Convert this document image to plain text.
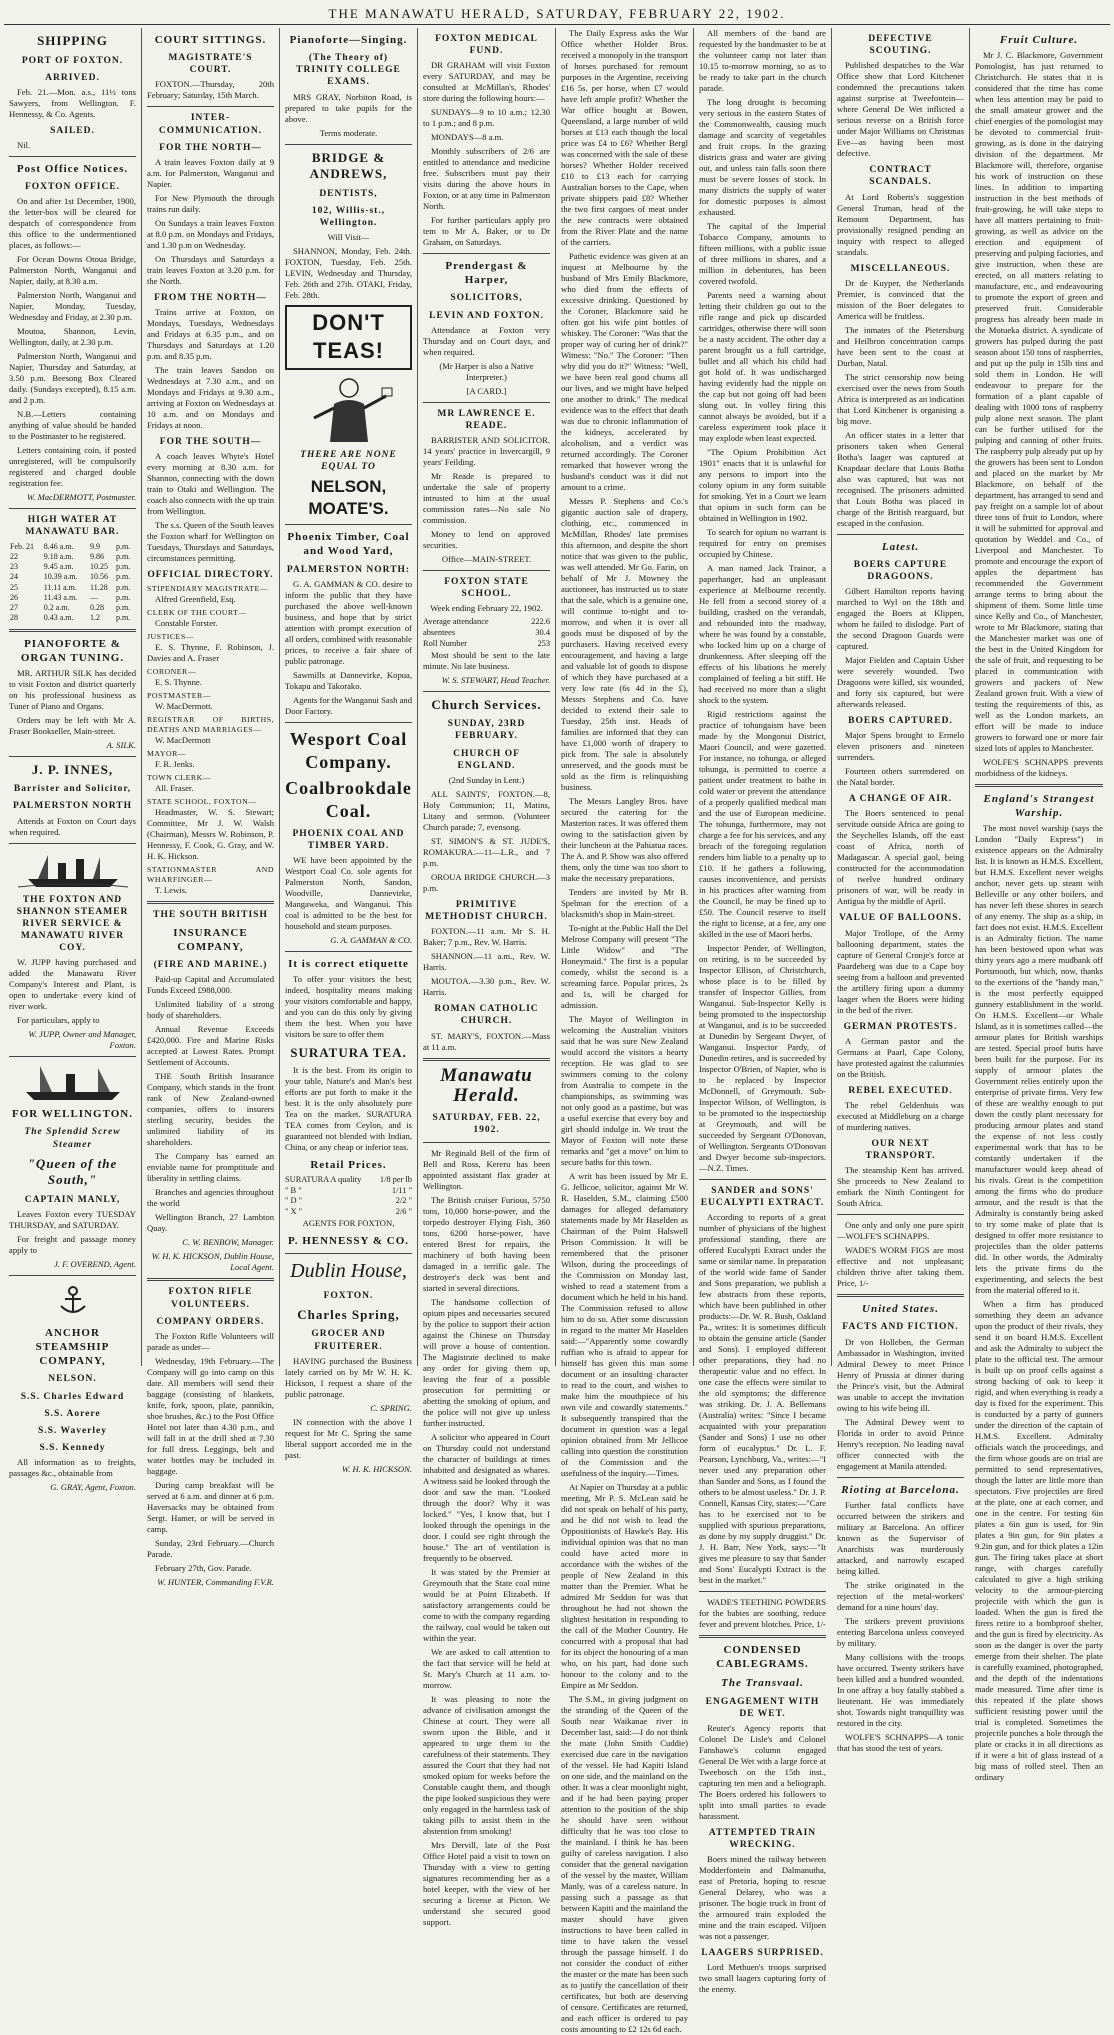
THE MANAWATU HERALD, SATURDAY, FEBRUARY 22, 1902.
SHIPPING
PORT OF FOXTON.
ARRIVED.

Feb. 21.—Mon. a.s., 11½ tons Sawyers, from Wellington. F. Hennessy, & Co. Agents.

SAILED.

Nil.

Post Office Notices.
FOXTON OFFICE.

On and after 1st December, 1900, the letter-box will be cleared for despatch of correspondence from this office to the undermentioned places, as follows:—

For Ocean Downs Otoua Bridge, Palmerston North, Wanganui and Napier, daily, at 8.30 a.m.

Palmerston North, Wanganui and Napier, Monday, Tuesday, Wednesday and Friday, at 2.30 p.m.

Moutoa, Shannon, Levin, Wellington, daily, at 2.30 p.m.

Palmerston North, Wanganui and Napier, Thursday and Saturday, at 3.50 p.m. Beesong Box Cleared daily. (Sundays excepted), 8.15 a.m. and 2 p.m.

N.B.—Letters containing anything of value should be handed to the Postmaster to be registered.

Letters containing coin, if posted unregistered, will be compulsorily registered and charged double registration fee.

W. MacDERMOTT, Postmaster.

HIGH WATER AT MANAWATU BAR.
Feb. 21	8.46 a.m.	9.9	p.m.
22	9.18 a.m.	9.86	p.m.
23	9.45 a.m.	10.25	p.m.
24	10.39 a.m.	10.56	p.m.
25	11.11 a.m.	11.28	p.m.
26	11.43 a.m.	—	p.m.
27	0.2 a.m.	0.28	p.m.
28	0.43 a.m.	1.2	p.m.
PIANOFORTE & ORGAN TUNING.

MR. ARTHUR SILK has decided to visit Foxton and district quarterly on his professional business as Tuner of Piano and Organs.

Orders may be left with Mr A. Fraser Bookseller, Main-street.

A. SILK.

J. P. INNES,
Barrister and Solicitor,
PALMERSTON NORTH

Attends at Foxton on Court days when required.

THE FOXTON AND SHANNON STEAMER RIVER SERVICE & MANAWATU RIVER COY.

W. JUPP having purchased and added the Manawatu River Company's Interest and Plant, is open to undertake every kind of river work.

For particulars, apply to

W. JUPP, Owner and Manager, Foxton.

FOR WELLINGTON.
The Splendid Screw Steamer
"Queen of the South,"
CAPTAIN MANLY,

Leaves Foxton every TUESDAY THURSDAY, and SATURDAY.

For freight and passage money apply to

J. F. OVEREND, Agent.

ANCHOR STEAMSHIP COMPANY,
NELSON.
S.S. Charles Edward
S.S. Aorere
S.S. Waverley
S.S. Kennedy

All information as to freights, passages &c., obtainable from

G. GRAY, Agent, Foxton.

COURT SITTINGS.
MAGISTRATE'S COURT.

FOXTON.—Thursday, 20th February; Saturday, 15th March.

INTER-COMMUNICATION.
FOR THE NORTH—

A train leaves Foxton daily at 9 a.m. for Palmerston, Wanganui and Napier.

For New Plymouth the through trains run daily.

On Sundays a train leaves Foxton at 8.0 p.m. on Mondays and Fridays, and 1.30 p.m on Wednesday.

On Thursdays and Saturdays a train leaves Foxton at 3.20 p.m. for the North.

FROM THE NORTH—

Trains arrive at Foxton, on Mondays, Tuesdays, Wednesdays and Fridays at 6.35 p.m., and on Thursdays and Saturdays at 1.20 p.m. and 8.35 p.m.

The train leaves Sandon on Wednesdays at 7.30 a.m., and on Mondays and Fridays at 9.30 a.m., arriving at Foxton on Wednesdays at 10 a.m. and on Mondays and Fridays at noon.

FOR THE SOUTH—

A coach leaves Whyte's Hotel every morning at 8.30 a.m. for Shannon, connecting with the down train to Otaki and Wellington. The coach also connects with the up train from Wellington.

The s.s. Queen of the South leaves the Foxton wharf for Wellington on Tuesdays, Thursdays and Saturdays, circumstances permitting.

OFFICIAL DIRECTORY.
STIPENDIARY MAGISTRATE—

Alfred Greenfield, Esq.

CLERK OF THE COURT—

Constable Forster.

JUSTICES—

E. S. Thynne, F. Robinson, J. Davies and A. Fraser

CORONER—

E. S. Thynne.

POSTMASTER—

W. MacDermott.

REGISTRAR OF BIRTHS, DEATHS AND MARRIAGES—

W. MacDermott

MAYOR—

F. R. Jenks.

TOWN CLERK—

All. Fraser.

STATE SCHOOL, FOXTON—

Headmaster, W. S. Stewart; Committee, Mr J. W. Walsh (Chairman), Messrs W. Robinson, P. Hennessy, F. Cook, G. Gray, and W. H. K. Hickson.

STATIONMASTER AND WHARFINGER—

T. Lewis.

THE SOUTH BRITISH
INSURANCE COMPANY,
(FIRE AND MARINE.)

Paid-up Capital and Accumulated Funds Exceed £988,000.

Unlimited liability of a strong body of shareholders.

Annual Revenue Exceeds £420,000. Fire and Marine Risks accepted at Lowest Rates. Prompt Settlement of Accounts.

THE South British Insurance Company, which stands in the front rank of New Zealand-owned companies, offers to insurers sterling security, besides the unlimited liability of its shareholders.

The Company has earned an enviable name for promptitude and liberality in settling claims.

Branches and agencies throughout the world

Wellington Branch, 27 Lambton Quay.

C. W. BENBOW, Manager.

W. H. K. HICKSON, Dublin House, Local Agent.

FOXTON RIFLE VOLUNTEERS.
COMPANY ORDERS.

The Foxton Rifle Volunteers will parade as under—

Wednesday, 19th February.—The Company will go into camp on this date. All members will send their baggage (consisting of blankets, knife, fork, spoon, plate, pannikin, shoe brushes, &c.) to the Post Office Hotel not later than 4.30 p.m., and will fall in at the drill shed at 7.30 for full dress. Leggings, belt and water bottles may be included in baggage.

During camp breakfast will be served at 6 a.m. and dinner at 6 p.m. Haversacks may be obtained from Sergt. Hamer, or will be served in camp.

Sunday, 23rd February.—Church Parade.

February 27th, Gov. Parade.

W. HUNTER, Commanding F.V.R.

Pianoforte—Singing.
(The Theory of) TRINITY COLLEGE EXAMS.

MRS GRAY, Norbiton Road, is prepared to take pupils for the above.

Terms moderate.

BRIDGE & ANDREWS,
DENTISTS,
102, Willis-st., Wellington.

Will Visit—

SHANNON, Monday, Feb. 24th. FOXTON, Tuesday, Feb. 25th. LEVIN, Wednesday and Thursday, Feb. 26th and 27th. OTAKI, Friday, Feb. 28th.

DON'T TEAS!
THERE ARE NONE EQUAL TO
NELSON, MOATE'S.
Phoenix Timber, Coal and Wood Yard,
PALMERSTON NORTH:

G. A. GAMMAN & CO. desire to inform the public that they have purchased the above well-known business, and hope that by strict attention with prompt execution of all orders, combined with reasonable prices, to receive a fair share of public patronage.

Sawmills at Dannevirke, Kopua, Tokapu and Takorako.

Agents for the Wanganui Sash and Door Factory.

Wesport Coal Company.
Coalbrookdale Coal.
PHOENIX COAL AND TIMBER YARD.

WE have been appointed by the Westport Coal Co. sole agents for Palmerston North, Sandon, Woodville, Dannevirke, Mangaweka, and Wanganui. This coal is admitted to be the best for household and steam purposes.

G. A. GAMMAN & CO.

It is correct etiquette

To offer your visitors the best; indeed, hospitality means making your visitors comfortable and happy, and you can do this only by giving them the best. When you have visitors be sure to offer them

SURATURA TEA.

It is the best. From its origin to your table, Nature's and Man's best efforts are put forth to make it the best. It is the only absolutely pure Tea on the market. SURATURA TEA comes from Ceylon, and is guaranteed not blended with Indian, China, or any cheap or inferior teas.

Retail Prices.
SURATURA A quality 1/8 per lb
" B "	1/11 "
" D "	2/2 "
" X "	2/6 "

AGENTS FOR FOXTON,

P. HENNESSY & CO.
Dublin House,
FOXTON.
Charles Spring,
GROCER AND FRUITERER.

HAVING purchased the Business lately carried on by Mr W. H. K. Hickson, I request a share of the public patronage.

C. SPRING.

IN connection with the above I request for Mr C. Spring the same liberal support accorded me in the past.

W. H. K. HICKSON.

FOXTON MEDICAL FUND.

DR GRAHAM will visit Foxton every SATURDAY, and may be consulted at McMillan's, Rhodes' store during the following hours:—

SUNDAYS—9 to 10 a.m.; 12.30 to 1 p.m.; and 8 p.m.

MONDAYS—8 a.m.

Monthly subscribers of 2/6 are entitled to attendance and medicine free. Subscribers must pay their visits during the above hours in Foxton, or at any time in Palmerston North.

For further particulars apply pro tem to Mr A. Baker, or to Dr Graham, on Saturdays.

Prendergast & Harper,
SOLICITORS,
LEVIN AND FOXTON.

Attendance at Foxton very Thursday and on Court days, and when required.

(Mr Harper is also a Native Interpreter.)

[A CARD.]

MR LAWRENCE E. READE.

BARRISTER AND SOLICITOR. 14 years' practice in Invercargill, 9 years' Feilding.

Mr Reade is prepared to undertake the sale of property intrusted to him at the usual commission rates—No sale No commission.

Money to lend on approved securities.

Office—MAIN-STREET.

FOXTON STATE SCHOOL.

Week ending February 22, 1902.

Average attendance	222.6
absentees	30.4
Roll Number	253

Most should be sent to the late minute. No late business.

W. S. STEWART, Head Teacher.

Church Services.
SUNDAY, 23RD FEBRUARY.
CHURCH OF ENGLAND.

(2nd Sunday in Lent.)

ALL SAINTS', FOXTON.—8, Holy Communion; 11, Matins, Litany and sermon. (Volunteer Church parade; 7, evensong.

ST. SIMON'S & ST. JUDE'S, ROMAKURA.—11—L.R., and 7 p.m.

OROUA BRIDGE CHURCH.—3 p.m.

PRIMITIVE METHODIST CHURCH.

FOXTON.—11 a.m. Mr S. H. Baker; 7 p.m., Rev. W. Harris.

SHANNON.—11 a.m., Rev. W. Harris.

MOUTOA.—3.30 p.m., Rev. W. Harris.

ROMAN CATHOLIC CHURCH.

ST. MARY'S, FOXTON.—Mass at 11 a.m.

Manawatu Herald.
SATURDAY, FEB. 22, 1902.

Mr Reginald Bell of the firm of Bell and Ross, Kereru has been appointed assistant flax grader at Wellington.

The British cruiser Furious, 5750 tons, 10,000 horse-power, and the torpedo destroyer Flying Fish, 360 tons, 6200 horse-power, have entered Brest for repairs, the machinery of both having been damaged in a terrific gale. The destroyer's deck was bent and started in several directions.

The handsome collection of opium pipes and necessaries secured by the police to support their action against the Chinese on Thursday will prove a house of contention. The Magistrate declined to make any order for giving them up, leaving the fear of a possible prosecution for permitting or abetting the smoking of opium, and the police will not give up unless further instructed.

A solicitor who appeared in Court on Thursday could not understand the character of buildings at times inhabited and designated as whares. A witness said he looked through the door and saw the man. "Looked through the door? Why it was locked." "Yes, I know that, but I looked through the openings in the door. I could see right through the house." The art of ventilation is frequently to be observed.

It was stated by the Premier at Greymouth that the State coal mine would be at Point Elizabeth. If satisfactory arrangements could be come to with the company regarding the railway, coal would be taken out within the year.

We are asked to call attention to the fact that service will be held at St. Mary's Church at 11 a.m. to-morrow.

It was pleasing to note the advance of civilisation amongst the Chinese at court. They were all sworn upon the Bible, and it appeared to urge them to the carefulness of their statements. They assured the Court that they had not smoked opium for weeks before the Constable caught them, and though the pipe looked suspicious they were only engaged in the harmless task of taking pills to assist them in the abstention from smoking!

Mrs Dervill, late of the Post Office Hotel paid a visit to town on Thursday with a view to getting signatures recommending her as a hotel keeper, with the view of her securing a license at Picton. We understand she secured good support.

The Daily Express asks the War Office whether Holder Bros. received a monopoly in the transport of horses purchased for remount purposes in the Argentine, receiving £16 5s. per horse, when £7 would have left ample profit? Whether the War office bought at Bowen, Queensland, a large number of wild horses at £13 each though the local price was £4 to £6? Whether Bergl was concerned with the sale of these horses? Whether Holder received £10 to £13 each for carrying Australian horses to the Cape, when private shippers paid £8? Whether the two first cargoes of meat under the new contracts were obtained from the River Plate and the name of the carriers.

Pathetic evidence was given at an inquest at Melbourne by the husband of Mrs Emily Blackmore, who died from the effects of excessive drinking. Questioned by the Coroner, Blackmore said he often got his wife pint bottles of whiskey. The Coroner: "Was that the proper way of curing her of drink?" Witness: "No." The Coroner: "Then why did you do it?" Witness: "Well, we have been real good chums all our lives, and we might have helped one another to drink." The medical evidence was to the effect that death was due to chronic inflammation of the kidneys, accelerated by alcoholism, and a verdict was returned accordingly. The Coroner remarked that however wrong the husband's conduct was it did not amount to a crime.

Messrs P. Stephens and Co.'s gigantic auction sale of drapery, clothing, etc., commenced in McMillan, Rhodes' late premises this afternoon, and despite the short notice that was given to the public, was well attended. Mr Go. Farin, on behalf of Mr J. Mowney the auctioneer, has instructed us to state that the sale, which is a genuine one, will continue to-night and to-morrow, and when it is over all goods must be disposed of by the purchasers. Having received every encouragement, and having a large and valuable lot of goods to dispose of which they have purchased at a very low rate (6s 4d in the £), Messrs Stephens and Co. have decided to extend their sale to Tuesday, 25th inst. Heads of families are informed that they can have £1,000 worth of drapery to pick from. The sale is absolutely unreserved, and the goods must be sold as the firm is relinquishing business.

The Messrs Langley Bros. have secured the catering for the Masterton races. It was offered them owing to the satisfaction given by their luncheon at the Pahiatua races. The A. and P. Show was also offered them, only the time was too short to make the necessary preparations.

Tenders are invited by Mr B. Spelman for the erection of a blacksmith's shop in Main-street.

To-night at the Public Hall the Del Melrose Company will present "The Little Widow" and "The Honeymaid." The first is a popular comedy, whilst the second is a screaming farce. Popular prices, 2s and 1s, will be charged for admission.

The Mayor of Wellington in welcoming the Australian visitors said that he was sure New Zealand would accord the visitors a hearty reception. He was glad to see swimmers coming to the colony from Australia to compete in the championships, as swimming was not only good as a pastime, but was a useful exercise that every boy and girl should indulge in. We trust the Mayor of Foxton will note these remarks and "get a move" on him to secure baths for this town.

A writ has been issued by Mr E. G. Jellicoe, solicitor, against Mr W. R. Haselden, S.M., claiming £500 damages for alleged defamatory statements made by Mr Haselden as Chairman of the Point Halswell Prison Commission. It will be remembered that the prisoner Wilson, during the proceedings of the Commission on Monday last, wished to read a statement from a document which he held in his hand. The Commission refused to allow him to do so. After some discussion in regard to the matter Mr Haselden said:—"Apparently some cowardly ruffian who is afraid to appear for himself has given this man some document or an insulting character to read to the court, and wishes to make him the mouthpiece of his own vile and cowardly statements." It subsequently transpired that the document in question was a legal opinion obtained from Mr Jellicoe calling into question the constitution of the Commission and the usefulness of the inquiry.—Times.

At Napier on Thursday at a public meeting, Mr P. S. McLean said he did not speak on behalf of his party, and he did not wish to lead the Oppositionists of Hawke's Bay. His individual opinion was that no man could have acted more in accordance with the wishes of the people of New Zealand in this matter than the Premier. What he admired Mr Seddon for was that throughout he had not shown the slightest hesitation in responding to the call of the Mother Country. He concurred with a proposal that had for its object the honouring of a man who, on his part, had done such honour to the colony and to the Empire as Mr Seddon.

The S.M., in giving judgment on the stranding of the Queen of the South near Waikanae river in December last, said:—I do not think the mate (John Smith Cuddie) exercised due care in the navigation of the vessel. He had Kapiti Island on one side, and the mainland on the other. It was a clear moonlight night, and if he had been paying proper attention to the position of the ship he should have seen without difficulty that he was too close to the mainland. I think he has been guilty of careless navigation. I also consider that the general navigation of the vessel by the master, William Manly, was of a careless nature. In passing such a passage as that between Kapiti and the mainland the master should have given instructions to have been called in time to have taken the vessel through the passage himself. I do not consider the conduct of either the master or the mate has been such as to justify the cancellation of their certificates, but both are deserving of censure. Certificates are returned, and each officer is ordered to pay costs amounting to £2 12s 6d each.

All members of the band are requested by the bandmaster to be at the volunteer camp not later than 10.15 to-morrow morning, so as to be ready to take part in the church parade.

The long drought is becoming very serious in the eastern States of the Commonwealth, causing much damage and scarcity of vegetables and fruit crops. In the grazing districts grass and water are giving out, and unless rain falls soon there must be severe losses of stock. In many districts the supply of water for domestic purposes is almost exhausted.

The capital of the Imperial Tobacco Company, amounts to fifteen millions, with a public issue of three millions in shares, and a million in debentures, has been covered twofold.

Parents need a warning about letting their children go out to the rifle range and pick up discarded cartridges, otherwise there will soon be a nasty accident. The other day a parent brought us a full cartridge, bullet and all which his child had got hold of. It was undischarged having evidently had the nipple on the cap but not going off had been slung out. In volley firing this cannot always be avoided, but if a careless experiment took place it may explode when least expected.

"The Opium Prohibition Act 1901" enacts that it is unlawful for any persons to import into the colony opium in any form suitable for smoking. Yet in a Court we learn that opium in such form can be obtained in Wellington in 1902.

To search for opium no warrant is required for entry on premises occupied by Chinese.

A man named Jack Trainor, a paperhanger, had an unpleasant experience at Melbourne recently. He fell from a second storey of a building, crashed on the verandah, and rebounded into the roadway, where he was found by a constable, who locked him up on a charge of drunkenness. After sleeping off the effects of his libations he merely complained of feeling a bit stiff. He had received no more than a slight shock to the system.

Rigid restrictions against the practice of tohungaism have been made by the Mongonui District, Maori Council, and were gazetted. For instance, no tohunga, or alleged tohunga, is permitted to coerce a patient under treatment to bathe in cold water or prevent the attendance of a properly qualified medical man and the use of European medicine. The tohunga, furthermore, may not charge a fee for his services, and any breach of the foregoing regulation renders him liable to a penalty up to £10. If he gathers a following, causes inconvenience, and persists in his practices after warning from the Council, he may be fined up to £50. The Council reserve to itself the right to license, at a fee, any one skilled in the use of Maori herbs.

Inspector Pender, of Wellington, on retiring, is to be succeeded by Inspector Ellison, of Christchurch, whose place is to be filled by transfer of Inspector Gillies, from Wanganui. Sub-Inspector Kelly is being promoted to the inspectorship at Wanganui, and is to be succeeded at Dunedin by Sergeant Dwyer, of Wanganui. Inspector Pardy, of Dunedin retires, and is succeeded by Inspector O'Brien, of Napier, who is to be replaced by Inspector McDonnell, of Greymouth. Sub-Inspector Wilson, of Wellington, is to be promoted to the inspectorship at Greymouth, and will be succeeded by Sergeant O'Donovan, of Wellington. Sergeants O'Donovan and Dwyer become sub-inspectors.—N.Z. Times.

SANDER and SONS' EUCALYPTI EXTRACT.

According to reports of a great number of physicians of the highest professional standing, there are offered Eucalypti Extract under the same or similar name. In preparation of the world wide fame of Sander and Sons preparation, we publish a few abstracts from these reports, which have been published in other products:—Dr. W. R. Bush, Oakland Pa., writes: It is sometimes difficult to obtain the genuine article (Sander and Sons). I employed different other preparations, they had no therapeutic value and no effect. In one case the effects were similar to the old symptoms; the difference was striking. Dr. J. A. Bellemans (Australia) writes: "Since I became acquainted with your preparation (Sander and Sons) I use no other form of eucalyptus." Dr. L. F. Pearson, Lynchburg, Va., writes:—"I never used any preparation other than Sander and Sons, as I found the others to be almost useless." Dr. J. P. Connell, Kansas City, states:—"Care has to be exercised not to be supplied with spurious preparations, as done by my supply druggist." Dr. J. H. Barr, New York, says:—"It gives me pleasure to say that Sander and Sons' Eucalypti Extract is the best in the market."

WADE'S TEETHING POWDERS for the babies are soothing, reduce fever and prevent blotches. Price, 1/-

CONDENSED CABLEGRAMS.
The Transvaal.
ENGAGEMENT WITH DE WET.

Reuter's Agency reports that Colonel De Lisle's and Colonel Fanshawe's column engaged General De Wet with a large force at Tweebosch on the 15th inst., capturing ten men and a heliograph. The Boers ordered his followers to split into small parties to evade harassment.

ATTEMPTED TRAIN WRECKING.

Boers mined the railway between Modderfontein and Dalmanutha, east of Pretoria, hoping to rescue General Delarey, who was a prisoner. The bogie truck in front of the armoured train exploded the mine and the train escaped. Viljoen was not a passenger.

LAAGERS SURPRISED.

Lord Methuen's troops surprised two small laagers capturing forty of the enemy.

DEFECTIVE SCOUTING.

Published despatches to the War Office show that Lord Kitchener condemned the precautions taken against surprise at Tweefontein—where General De Wet inflicted a serious reverse on a British force under Major Williams on Christmas Eve—as having been most defective.

CONTRACT SCANDALS.

At Lord Roberts's suggestion General Truman, head of the Remount Department, has provisionally resigned pending an inquiry with respect to alleged scandals.

MISCELLANEOUS.

Dr de Kuyper, the Netherlands Premier, is convinced that the mission of the Boer delegates to America will be fruitless.

The inmates of the Pietersburg and Heilbron concentration camps have been sent to the coast at Durban, Natal.

The strict censorship now being exercised over the news from South Africa is interpreted as an indication that Lord Kitchener is organising a big move.

An officer states in a letter that prisoners taken when General Botha's laager was captured at Knapdaar declare that Louis Botha also was captured, but was not recognised. The prisoners admitted that Louis Botha was placed in charge of the British rearguard, but escaped in the confusion.

Latest.
BOERS CAPTURE DRAGOONS.

Gilbert Hamilton reports having marched to Wyl on the 18th and engaged the Boers at Klippen, whom he failed to dislodge. Part of the second Dragoon Guards were captured.

Major Fielden and Captain Usher were severely wounded. Two Dragoons were killed, six wounded, and forty six captured, but were afterwards released.

BOERS CAPTURED.

Major Spens brought to Ermelo eleven prisoners and nineteen surrenders.

Fourteen others surrendered on the Natal border.

A CHANGE OF AIR.

The Boers sentenced to penal servitude outside Africa are going to the Seychelles Islands, off the east coast of Africa, north of Madagascar. A special gaol, being constructed for the accommodation of twelve hundred ordinary prisoners of war, will be ready in Antigua by the middle of April.

VALUE OF BALLOONS.

Major Trollope, of the Army ballooning department, states the capture of General Cronje's force at Paardeberg was due to a Cape boy seeing from a balloon and prevented the artillery firing upon a dummy laager when the Boers were hiding in the bed of the river.

GERMAN PROTESTS.

A German pastor and the Germans at Paarl, Cape Colony, have protested against the calumnies on the British.

REBEL EXECUTED.

The rebel Geldenhuis was executed at Middleburg on a charge of murdering natives.

OUR NEXT TRANSPORT.

The steamship Kent has arrived. She proceeds to New Zealand to embark the Ninth Contingent for South Africa.

One only and only one pure spirit—WOLFE'S SCHNAPPS.

WADE'S WORM FIGS are most effective and not unpleasant; children thrive after taking them. Price, 1/-

United States.
FACTS AND FICTION.

Dr von Holleben, the German Ambassador in Washington, invited Admiral Dewey to meet Prince Henry of Prussia at dinner during the Prince's visit, but the Admiral was unable to accept the invitation owing to his wife being ill.

The Admiral Dewey went to Florida in order to avoid Prince Henry's reception. No leading naval officer connected with the engagement at Manila attended.

Rioting at Barcelona.

Further fatal conflicts have occurred between the strikers and military at Barcelona. An officer known as the Supervisor of Anarchists was murderously attacked, and narrowly escaped being killed.

The strike originated in the rejection of the metal-workers' demand for a nine hours' day.

The strikers prevent provisions entering Barcelona unless conveyed by military.

Many collisions with the troops have occurred. Twenty strikers have been killed and a hundred wounded. In one affray a boy fatally stabbed a lieutenant. He was immediately shot. Towards night tranquillity was restored in the city.

WOLFE'S SCHNAPPS—A tonic that has stood the test of years.

Fruit Culture.

Mr J. C. Blackmore, Government Pomologist, has just returned to Christchurch. He states that it is considered that the time has come when less attention may be paid to the small amateur grower and the chief energies of the pomologist may be devoted to commercial fruit-growing, as is done in the dairying division of the department. Mr Blackmore will, therefore, organise his work of instruction on these lines. In addition to imparting instruction in the best methods of fruit-growing, he will take steps to have all matters pertaining to fruit-growing, as well as advice on the erection and equipment of preserving and pulping factories, and give instruction, when these are erected, on all matters relating to manufacture, etc., and endeavouring to promote the export of green and preserved fruit. Considerable progress has already been made in the Motueka district. A syndicate of growers has pulped during the past season about 150 tons of raspberries, and put up the pulp in 15lb tins and sold them in London. He will endeavour to prepare for the formation of a plant capable of dealing with 1000 tons of raspberry pulp alone next season. The plant can be further utilised for the pulping and canning of other fruits. The raspberry pulp already put up by the growers has been sent to London and placed on the market by Mr Blackmore, on behalf of the department, has arranged to send and pay freight on a sample lot of about three tons of fruit to London, where it will be submitted for approval and quotation by Weddel and Co., of Liverpool and Manchester. To promote and encourage the export of apples the department has recommended the Government arrange terms to bring about the shipment of them. Some little time since Kelly and Co., of Manchester, wrote to Mr Blackmore, stating that the Manchester market was one of the best in the United Kingdom for the sale of fruit, and requesting to be placed in communication with growers and packers of New Zealand grown fruit. With a view of testing the requirements of this, as well as the London markets, an effort will be made to induce growers to forward one or more fair sized lots of apples to Manchester.

WOLFE'S SCHNAPPS prevents morbidness of the kidneys.

England's Strangest Warship.

The most novel warship (says the London "Daily Express") in existence appears on the Admiralty list. It is known as H.M.S. Excellent, but H.M.S. Excellent never weighs anchor, never gets up steam with Belleville or any other boilers, and has never left these shores in search of any enemy. The ship as a ship, in fact does not exist. H.M.S. Excellent is an Admiralty fiction. The name has been bestowed upon what was thirty years ago a mere mudbank off Portsmouth, but which, now, thanks to the exertions of the "handy man," is the most perfectly equipped gunnery establishment in the world. On H.M.S. Excellent—or Whale Island, as it is sometimes called—the armour plates for British warships are tested. Special proof butts have been built for the purpose. For its supply of armour plates the Government relies entirely upon the enterprise of private firms. Very few of these are wealthy enough to put down the costly plant necessary for producing armour plates and stand the expense of not less costly experimental work that has to be constantly undertaken if the manufacturer would keep ahead of his rivals. Great is the competition among the firms who do produce armour, and the result is that the Admiralty is constantly being asked to try some make of plate that is designed to offer more resistance to projectiles than the older patterns did. In other words, the Admiralty lets the private firms do the experimenting, and selects the best from the material offered to it.

When a firm has produced something they deem an advance upon the product of their rivals, they send it on board H.M.S. Excellent and ask the Admiralty to subject the plate to the official test. The armour is built up on proof cells against a strong backing of oak to keep it rigid, and when everything is ready a day is fixed for the experiment. This is conducted by a party of gunners under the direction of the captain of H.M.S. Excellent. Admiralty officials watch the proceedings, and the firm whose goods are on trial are permitted to send representatives, though the latter are little more than spectators. Five projectiles are fired at the plate, one at each corner, and one in the centre. For testing 6in plates a 6in gun is used, for 9in plates a 9in gun, for 9in plates a 9.2in gun, and for thick plates a 12in gun. The firing takes place at short range, with charges carefully calculated to give a high striking velocity to the armour-piercing projectile with which the gun is loaded. When the gun is fired the firers retire to a bombproof shelter, and the gun is fired by electricity. As soon as the danger is over the party emerge from their shelter. The plate is carefully examined, photographed, and the depth of the indentations made measured. Time after time is this repeated if the plate shows sufficient resisting power until the trial is completed. Sometimes the projectile punches a hole through the plate or cracks it in all directions as if it were a bit of glass instead of a big mass of rolled steel. Then an ordinary
